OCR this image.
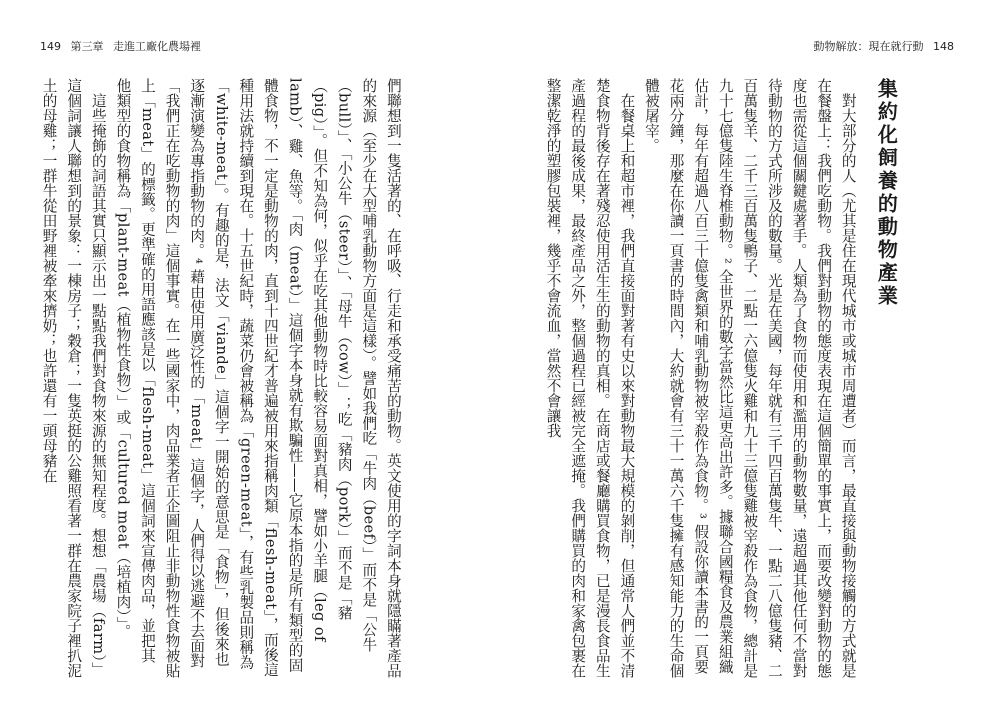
149 第三章 走進工廠化農場裡	動物解放：現在就行動 148
集約化飼養的動物產業

對大部分的人（尤其是住在現代城市或城市周遭者）而言，最直接與動物接觸的方式就是在餐盤上：我們吃動物。我們對動物的態度表現在這個簡單的事實上，而要改變對動物的態度也需從這個關鍵處著手。人類為了食物而使用和濫用的動物數量，遠超過其他任何不當對待動物的方式所涉及的數量。光是在美國，每年就有三千四百萬隻牛、一點二八億隻豬、二百萬隻羊、二千三百萬隻鴨子、二點一六億隻火雞和九十三億隻雞被宰殺作為食物，總計是九十七億隻陸生脊椎動物。² 全世界的數字當然比這更高出許多。據聯合國糧食及農業組織估計，每年有超過八百三十億隻禽類和哺乳動物被宰殺作為食物。³ 假設你讀本書的一頁要花兩分鐘，那麼在你讀一頁書的時間內，大約就會有三十一萬六千隻擁有感知能力的生命個體被屠宰。

在餐桌上和超市裡，我們直接面對著有史以來對動物最大規模的剝削，但通常人們並不清楚食物背後存在著殘忍使用活生生的動物的真相。在商店或餐廳購買食物，已是漫長食品生產過程的最後成果，最終產品之外，整個過程已經被完全遮掩。我們購買的肉和家禽包裹在整潔乾淨的塑膠包裝裡，幾乎不會流血，當然不會讓我

們聯想到一隻活著的、在呼吸、行走和承受痛苦的動物。英文使用的字詞本身就隱瞞著產品的來源（至少在大型哺乳動物方面是這樣）。譬如我們吃「牛肉（beef）」而不是「公牛（bull）」、「小公牛（steer）」、「母牛（cow）」；吃「豬肉（pork）」而不是「豬（pig）」。但不知為何，似乎在吃其他動物時比較容易面對真相，譬如小羊腿（leg of lamb）、雞、魚等。「肉（meat）」這個字本身就有欺騙性——它原本指的是所有類型的固體食物，不一定是動物的肉，直到十四世紀才普遍被用來指稱肉類「flesh-meat」，而後這種用法就持續到現在。十五世紀時，蔬菜仍會被稱為「green-meat」，有些乳製品則稱為「white-meat」。有趣的是，法文「viande」這個字一開始的意思是「食物」，但後來也逐漸演變為專指動物的肉。⁴ 藉由使用廣泛性的「meat」這個字，人們得以逃避不去面對「我們正在吃動物的肉」這個事實。在一些國家中，肉品業者正企圖阻止非動物性食物被貼上「meat」的標籤。更準確的用語應該是以「flesh-meat」這個詞來宣傳肉品，並把其他類型的食物稱為「plant-meat（植物性食物）」或「cultured meat（培植肉）」。

這些掩飾的詞語其實只顯示出一點點我們對食物來源的無知程度。想想「農場（farm）」這個詞讓人聯想到的景象：一棟房子；穀倉；一隻英挺的公雞照看著一群在農家院子裡扒泥土的母雞；一群牛從田野裡被牽來擠奶；也許還有一頭母豬在
